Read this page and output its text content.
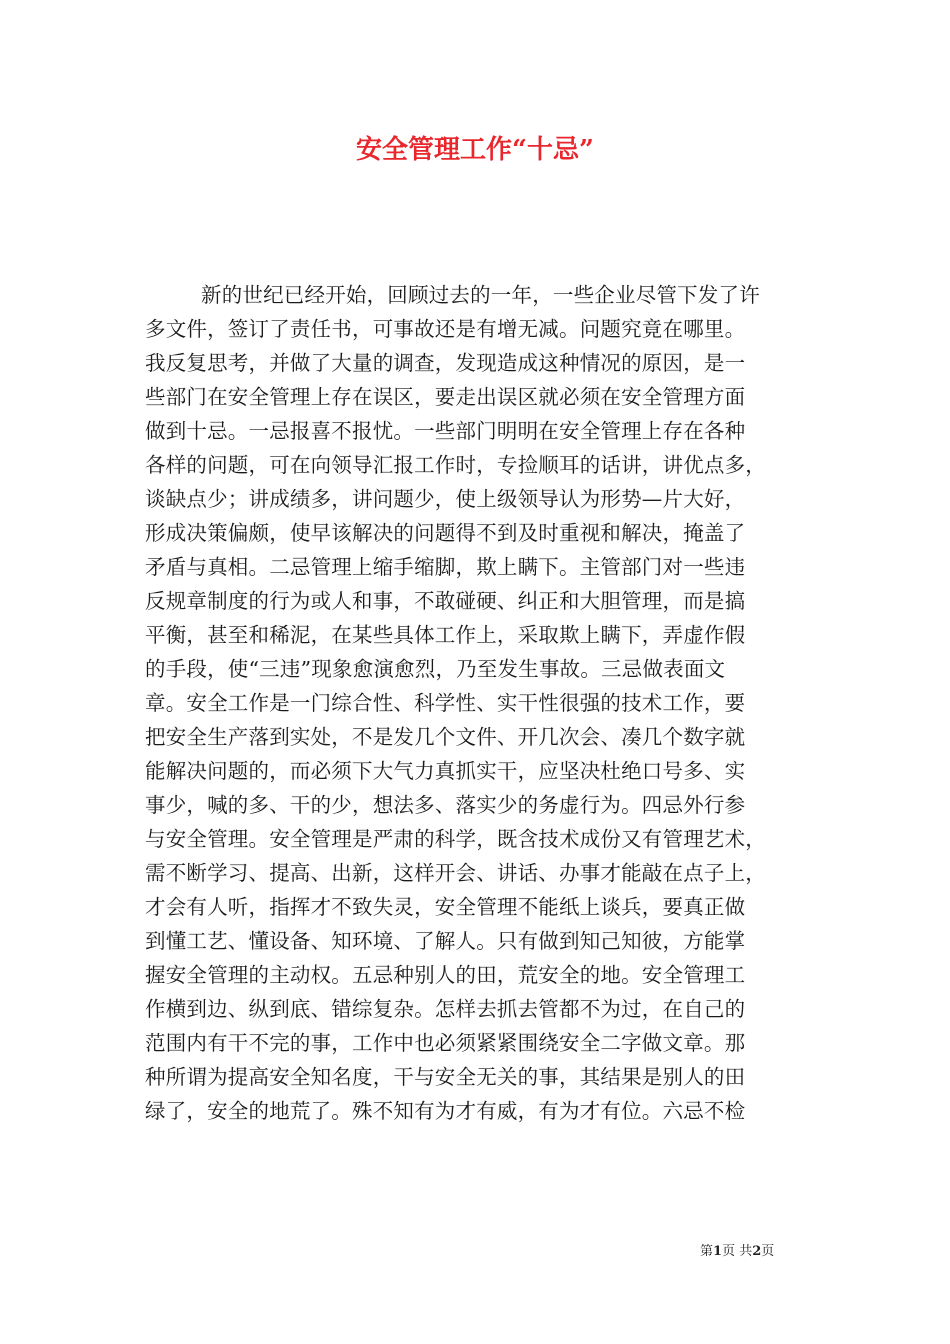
安全管理工作“十忌”
新的世纪已经开始，回顾过去的一年，一些企业尽管下发了许
多文件，签订了责任书，可事故还是有增无减。问题究竟在哪里。
我反复思考，并做了大量的调查，发现造成这种情况的原因，是一
些部门在安全管理上存在误区，要走出误区就必须在安全管理方面
做到十忌。一忌报喜不报忧。一些部门明明在安全管理上存在各种
各样的问题，可在向领导汇报工作时，专捡顺耳的话讲，讲优点多，
谈缺点少；讲成绩多，讲问题少，使上级领导认为形势—片大好，
形成决策偏颇，使早该解决的问题得不到及时重视和解决，掩盖了
矛盾与真相。二忌管理上缩手缩脚，欺上瞒下。主管部门对一些违
反规章制度的行为或人和事，不敢碰硬、纠正和大胆管理，而是搞
平衡，甚至和稀泥，在某些具体工作上，采取欺上瞒下，弄虚作假
的手段，使“三违”现象愈演愈烈，乃至发生事故。三忌做表面文
章。安全工作是一门综合性、科学性、实干性很强的技术工作，要
把安全生产落到实处，不是发几个文件、开几次会、凑几个数字就
能解决问题的，而必须下大气力真抓实干，应坚决杜绝口号多、实
事少，喊的多、干的少，想法多、落实少的务虚行为。四忌外行参
与安全管理。安全管理是严肃的科学，既含技术成份又有管理艺术，
需不断学习、提高、出新，这样开会、讲话、办事才能敲在点子上，
才会有人听，指挥才不致失灵，安全管理不能纸上谈兵，要真正做
到懂工艺、懂设备、知环境、了解人。只有做到知己知彼，方能掌
握安全管理的主动权。五忌种别人的田，荒安全的地。安全管理工
作横到边、纵到底、错综复杂。怎样去抓去管都不为过，在自己的
范围内有干不完的事，工作中也必须紧紧围绕安全二字做文章。那
种所谓为提高安全知名度，干与安全无关的事，其结果是别人的田
绿了，安全的地荒了。殊不知有为才有威，有为才有位。六忌不检
第1页 共2页
